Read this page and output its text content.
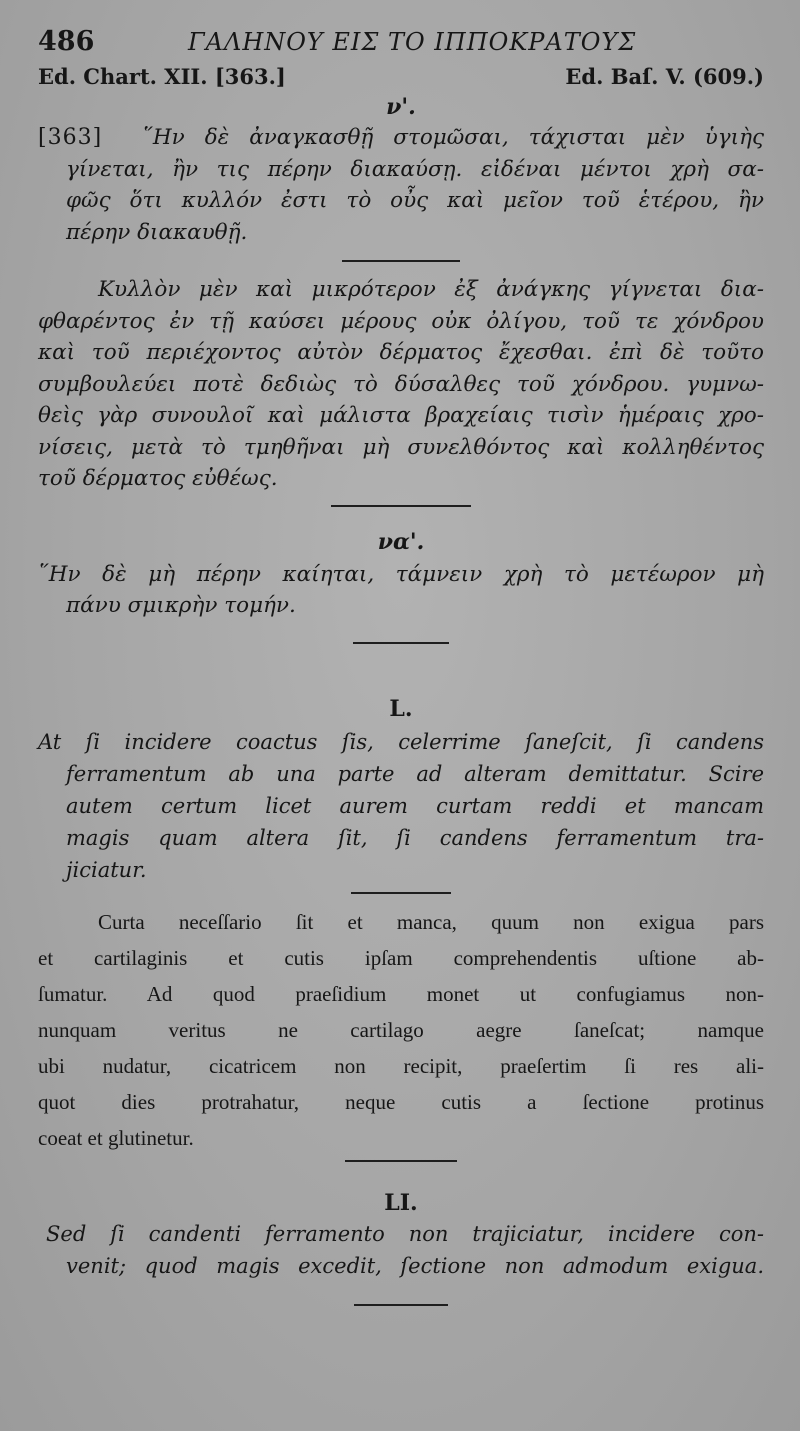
486	ΓΑΛΗΝΟΥ ΕΙΣ ΤΟ ΙΠΠΟΚΡΑΤΟΥΣ
Ed. Chart. XII. [363.]	Ed. Baſ. V. (609.)
ν'.
[363] ῞Ην δὲ ἀναγκασθῇ στομῶσαι, τάχισται μὲν ὑγιὴς
γίνεται, ἢν τις πέρην διακαύσῃ. εἰδέναι μέντοι χρὴ σα-
φῶς ὅτι κυλλόν ἐστι τὸ οὖς καὶ μεῖον τοῦ ἑτέρου, ἢν
πέρην διακαυθῇ.
Κυλλὸν μὲν καὶ μικρότερον ἐξ ἀνάγκης γίγνεται δια-
φθαρέντος ἐν τῇ καύσει μέρους οὐκ ὀλίγου, τοῦ τε χόνδρου
καὶ τοῦ περιέχοντος αὐτὸν δέρματος ἔχεσθαι. ἐπὶ δὲ τοῦτο
συμβουλεύει ποτὲ δεδιὼς τὸ δύσαλθες τοῦ χόνδρου. γυμνω-
θεὶς γὰρ συνουλοῖ καὶ μάλιστα βραχείαις τισὶν ἡμέραις χρο-
νίσεις, μετὰ τὸ τμηθῆναι μὴ συνελθόντος καὶ κολληθέντος
τοῦ δέρματος εὐθέως.
να'.
῞Ην δὲ μὴ πέρην καίηται, τάμνειν χρὴ τὸ μετέωρον μὴ
πάνυ σμικρὴν τομήν.
L.
At ſi incidere coactus ſis, celerrime ſaneſcit, ſi candens
ferramentum ab una parte ad alteram demittatur. Scire
autem certum licet aurem curtam reddi et mancam
magis quam altera ſit, ſi candens ferramentum tra-
jiciatur.
Curta neceſſario ſit et manca, quum non exigua pars
et cartilaginis et cutis ipſam comprehendentis uſtione ab-
ſumatur. Ad quod praeſidium monet ut confugiamus non-
nunquam veritus ne cartilago aegre ſaneſcat; namque
ubi nudatur, cicatricem non recipit, praeſertim ſi res ali-
quot dies protrahatur, neque cutis a ſectione protinus
coeat et glutinetur.
LI.
Sed ſi candenti ferramento non trajiciatur, incidere con-
venit; quod magis excedit, ſectione non admodum exigua.
